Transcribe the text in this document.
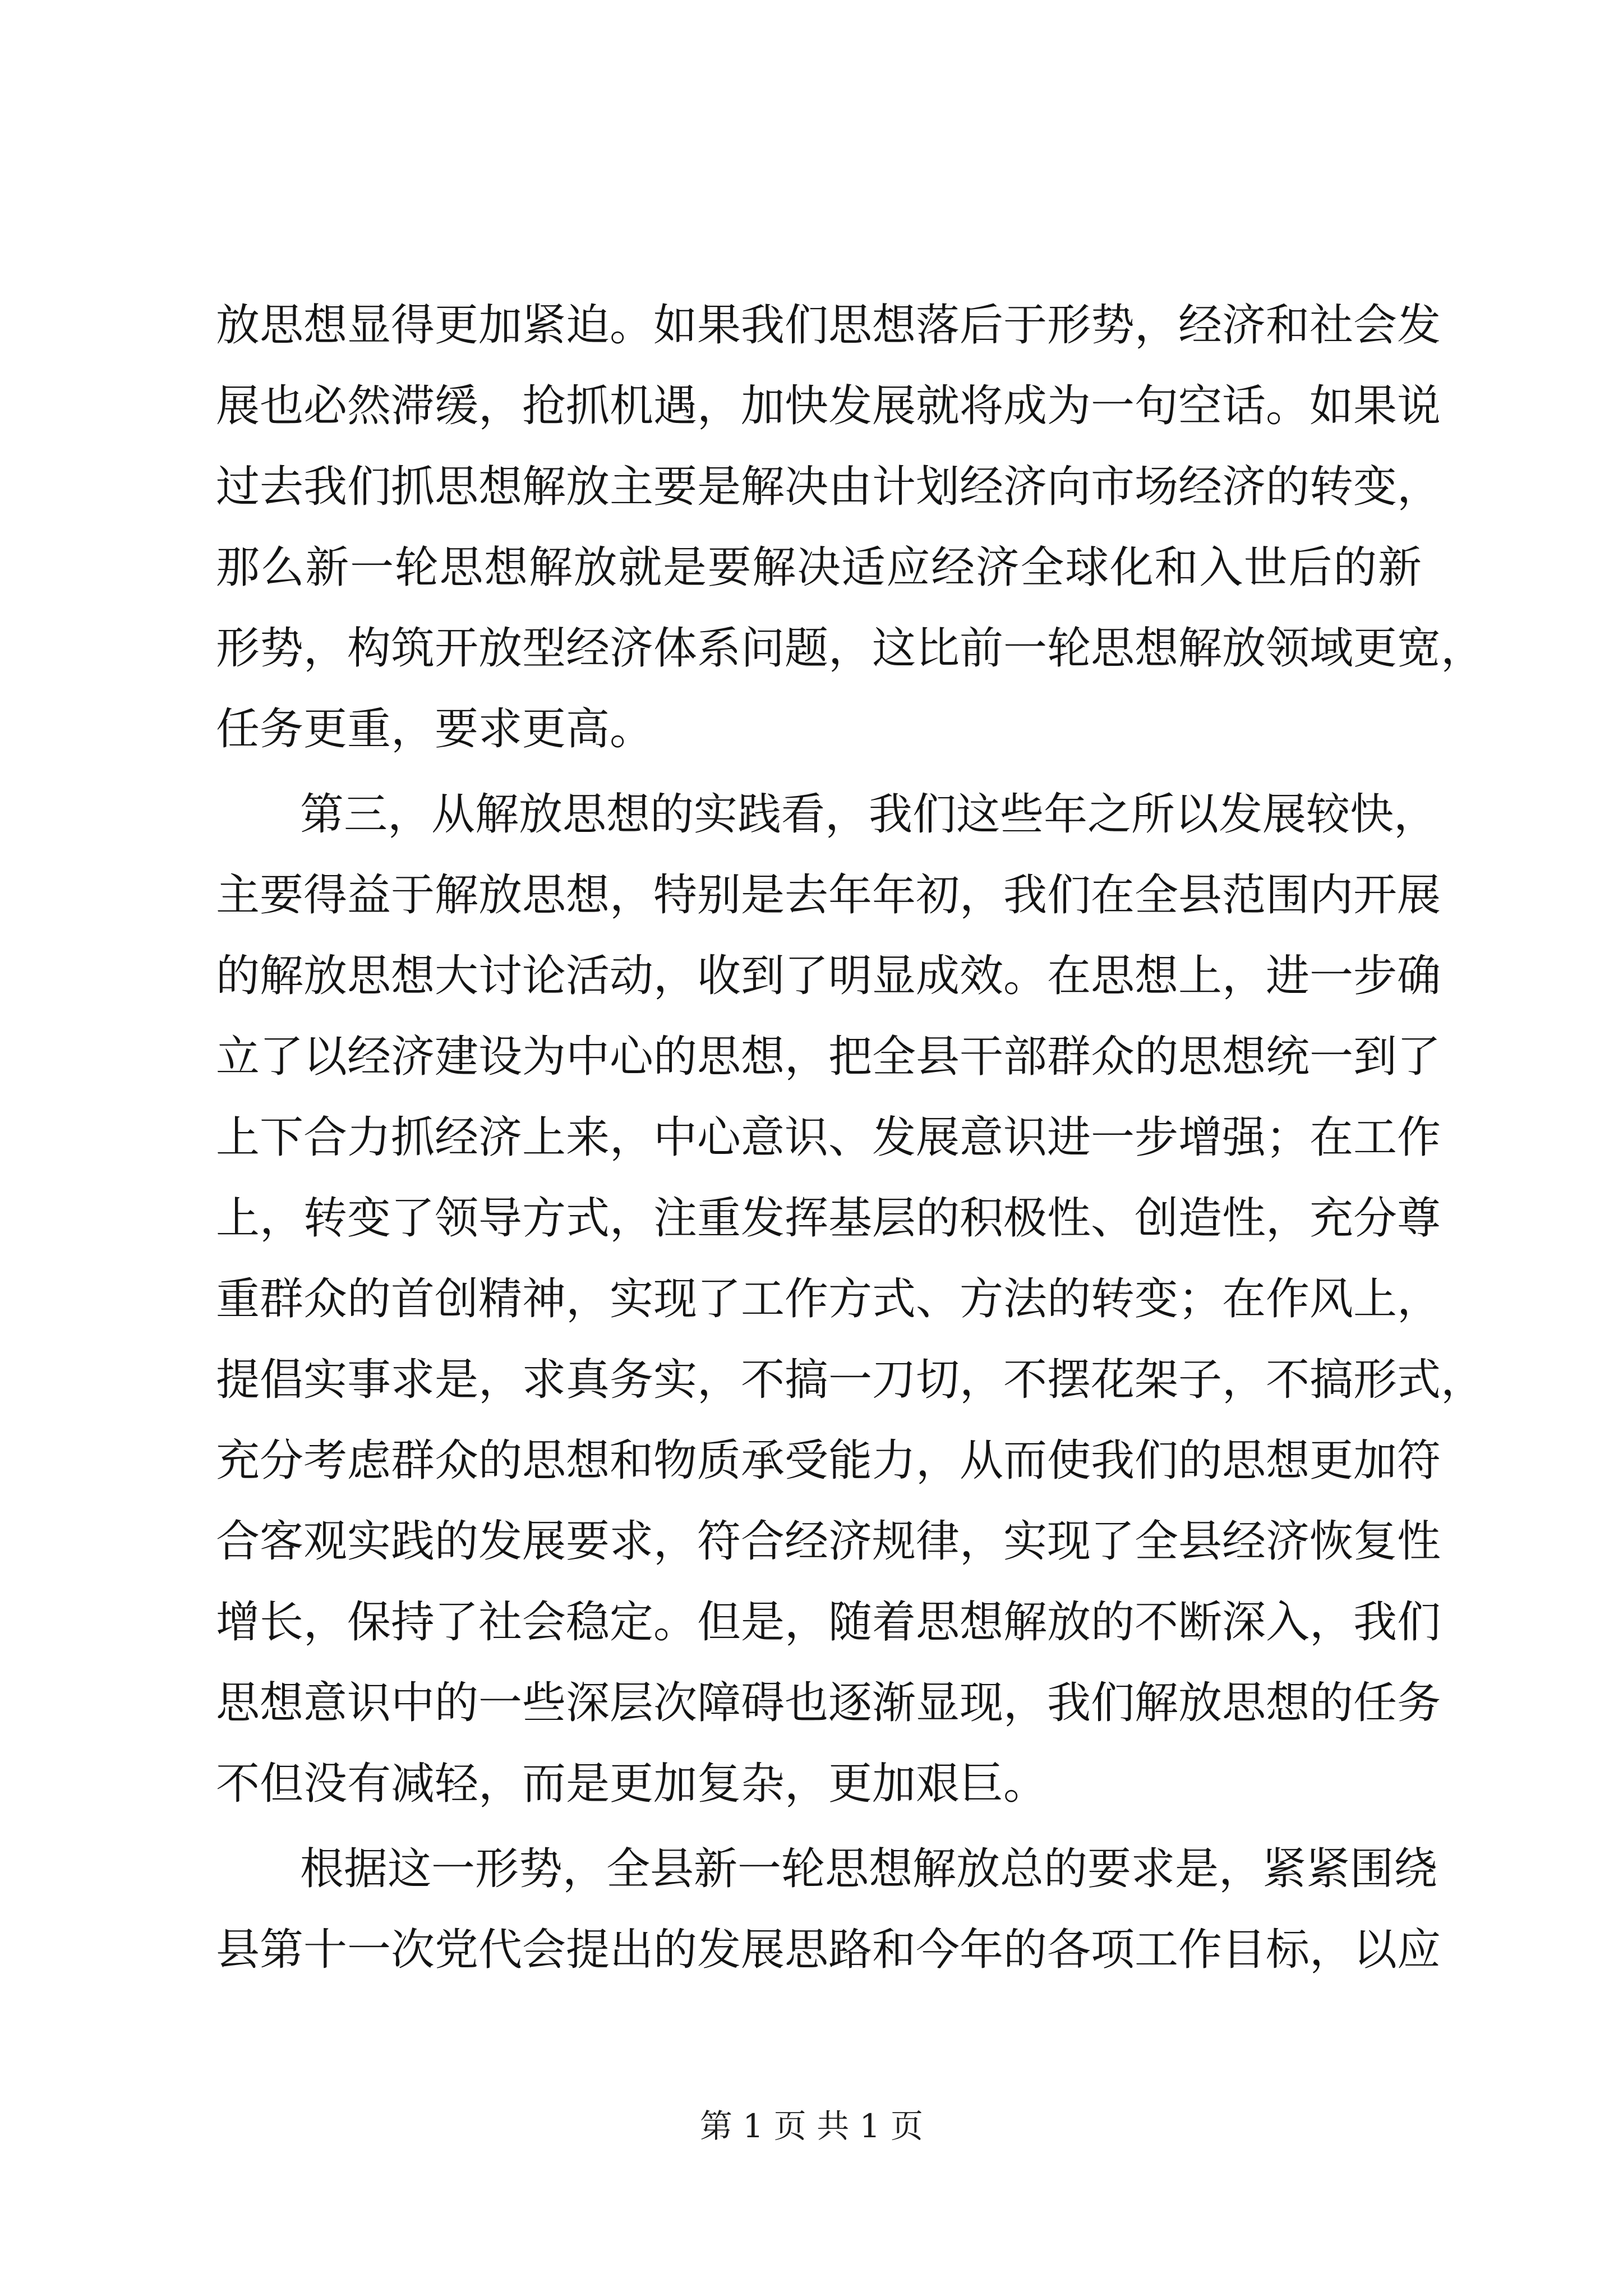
放思想显得更加紧迫。如果我们思想落后于形势，经济和社会发
展也必然滞缓，抢抓机遇，加快发展就将成为一句空话。如果说
过去我们抓思想解放主要是解决由计划经济向市场经济的转变，
那么新一轮思想解放就是要解决适应经济全球化和入世后的新
形势，构筑开放型经济体系问题，这比前一轮思想解放领域更宽，
任务更重，要求更高。
第三，从解放思想的实践看，我们这些年之所以发展较快，
主要得益于解放思想，特别是去年年初，我们在全县范围内开展
的解放思想大讨论活动，收到了明显成效。在思想上，进一步确
立了以经济建设为中心的思想，把全县干部群众的思想统一到了
上下合力抓经济上来，中心意识、发展意识进一步增强；在工作
上，转变了领导方式，注重发挥基层的积极性、创造性，充分尊
重群众的首创精神，实现了工作方式、方法的转变；在作风上，
提倡实事求是，求真务实，不搞一刀切，不摆花架子，不搞形式，
充分考虑群众的思想和物质承受能力，从而使我们的思想更加符
合客观实践的发展要求，符合经济规律，实现了全县经济恢复性
增长，保持了社会稳定。但是，随着思想解放的不断深入，我们
思想意识中的一些深层次障碍也逐渐显现，我们解放思想的任务
不但没有减轻，而是更加复杂，更加艰巨。
根据这一形势，全县新一轮思想解放总的要求是，紧紧围绕
县第十一次党代会提出的发展思路和今年的各项工作目标，以应
第 1 页 共 1 页
